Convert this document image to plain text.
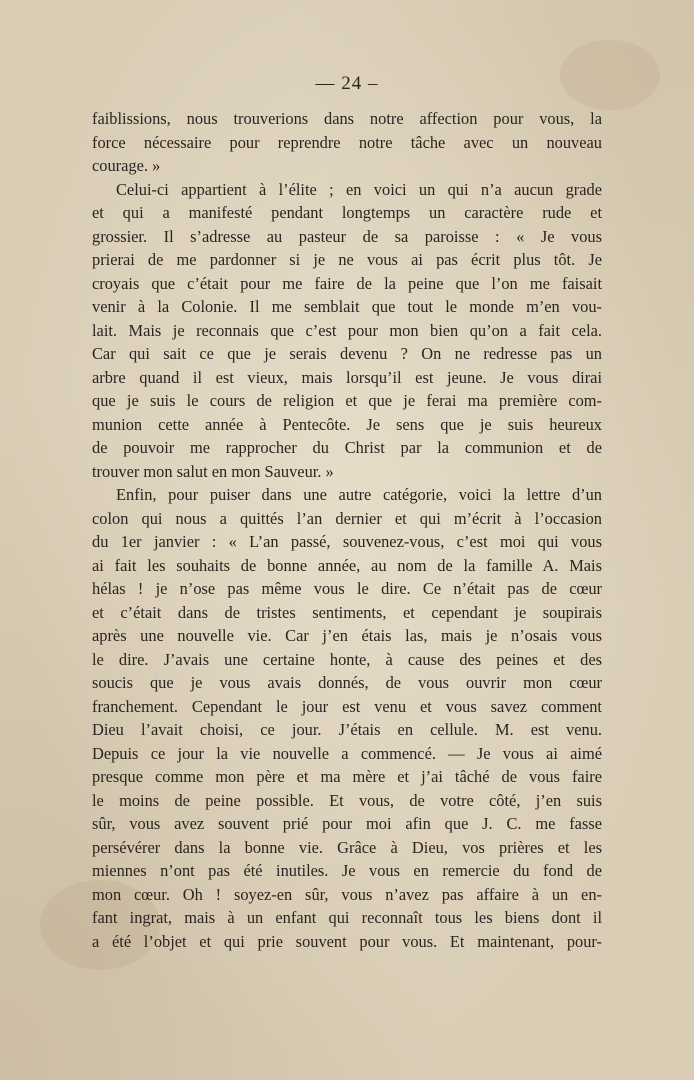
— 24 –
faiblissions, nous trouverions dans notre affection pour vous, la
force nécessaire pour reprendre notre tâche avec un nouveau
courage. »
Celui-ci appartient à l’élite ; en voici un qui n’a aucun grade
et qui a manifesté pendant longtemps un caractère rude et
grossier. Il s’adresse au pasteur de sa paroisse : « Je vous
prierai de me pardonner si je ne vous ai pas écrit plus tôt. Je
croyais que c’était pour me faire de la peine que l’on me faisait
venir à la Colonie. Il me semblait que tout le monde m’en vou-
lait. Mais je reconnais que c’est pour mon bien qu’on a fait cela.
Car qui sait ce que je serais devenu ? On ne redresse pas un
arbre quand il est vieux, mais lorsqu’il est jeune. Je vous dirai
que je suis le cours de religion et que je ferai ma première com-
munion cette année à Pentecôte. Je sens que je suis heureux
de pouvoir me rapprocher du Christ par la communion et de
trouver mon salut en mon Sauveur. »
Enfin, pour puiser dans une autre catégorie, voici la lettre d’un
colon qui nous a quittés l’an dernier et qui m’écrit à l’occasion
du 1er janvier : « L’an passé, souvenez-vous, c’est moi qui vous
ai fait les souhaits de bonne année, au nom de la famille A. Mais
hélas ! je n’ose pas même vous le dire. Ce n’était pas de cœur
et c’était dans de tristes sentiments, et cependant je soupirais
après une nouvelle vie. Car j’en étais las, mais je n’osais vous
le dire. J’avais une certaine honte, à cause des peines et des
soucis que je vous avais donnés, de vous ouvrir mon cœur
franchement. Cependant le jour est venu et vous savez comment
Dieu l’avait choisi, ce jour. J’étais en cellule. M. est venu.
Depuis ce jour la vie nouvelle a commencé. — Je vous ai aimé
presque comme mon père et ma mère et j’ai tâché de vous faire
le moins de peine possible. Et vous, de votre côté, j’en suis
sûr, vous avez souvent prié pour moi afin que J. C. me fasse
persévérer dans la bonne vie. Grâce à Dieu, vos prières et les
miennes n’ont pas été inutiles. Je vous en remercie du fond de
mon cœur. Oh ! soyez-en sûr, vous n’avez pas affaire à un en-
fant ingrat, mais à un enfant qui reconnaît tous les biens dont il
a été l’objet et qui prie souvent pour vous. Et maintenant, pour-
